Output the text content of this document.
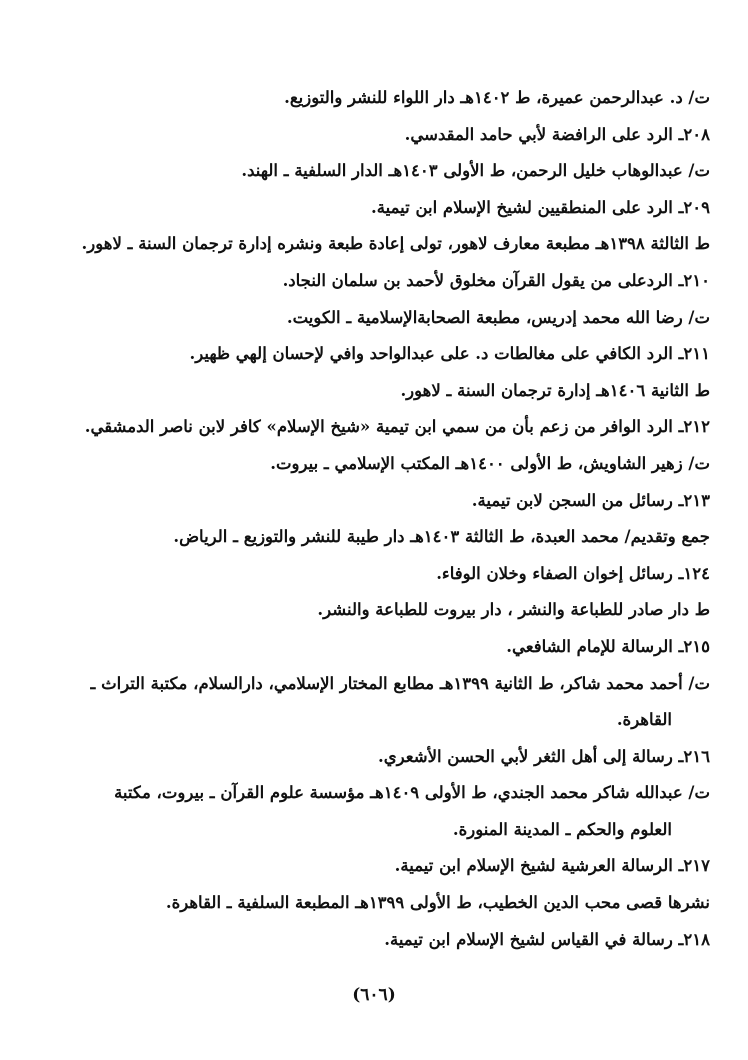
ت/ د. عبدالرحمن عميرة، ط ١٤٠٢هـ دار اللواء للنشر والتوزيع.
٢٠٨ـ الرد على الرافضة لأبي حامد المقدسي.
ت/ عبدالوهاب خليل الرحمن، ط الأولى ١٤٠٣هـ الدار السلفية ـ الهند.
٢٠٩ـ الرد على المنطقيين لشيخ الإسلام ابن تيمية.
ط الثالثة ١٣٩٨هـ مطبعة معارف لاهور، تولى إعادة طبعة ونشره إدارة ترجمان السنة ـ لاهور.
٢١٠ـ الردعلى من يقول القرآن مخلوق لأحمد بن سلمان النجاد.
ت/ رضا الله محمد إدريس، مطبعة الصحابةالإسلامية ـ الكويت.
٢١١ـ الرد الكافي على مغالطات د. على عبدالواحد وافي لإحسان إلهي ظهير.
ط الثانية ١٤٠٦هـ إدارة ترجمان السنة ـ لاهور.
٢١٢ـ الرد الوافر من زعم بأن من سمي ابن تيمية «شيخ الإسلام» كافر لابن ناصر الدمشقي.
ت/ زهير الشاويش، ط الأولى ١٤٠٠هـ المكتب الإسلامي ـ بيروت.
٢١٣ـ رسائل من السجن لابن تيمية.
جمع وتقديم/ محمد العبدة، ط الثالثة ١٤٠٣هـ دار طيبة للنشر والتوزيع ـ الرياض.
١٢٤ـ رسائل إخوان الصفاء وخلان الوفاء.
ط دار صادر للطباعة والنشر ، دار بيروت للطباعة والنشر.
٢١٥ـ الرسالة للإمام الشافعي.
ت/ أحمد محمد شاكر، ط الثانية ١٣٩٩هـ مطابع المختار الإسلامي، دارالسلام، مكتبة التراث ـ
القاهرة.
٢١٦ـ رسالة إلى أهل الثغر لأبي الحسن الأشعري.
ت/ عبدالله شاكر محمد الجندي، ط الأولى ١٤٠٩هـ مؤسسة علوم القرآن ـ بيروت، مكتبة
العلوم والحكم ـ المدينة المنورة.
٢١٧ـ الرسالة العرشية لشيخ الإسلام ابن تيمية.
نشرها قصى محب الدين الخطيب، ط الأولى ١٣٩٩هـ المطبعة السلفية ـ القاهرة.
٢١٨ـ رسالة في القياس لشيخ الإسلام ابن تيمية.
(٦٠٦)
